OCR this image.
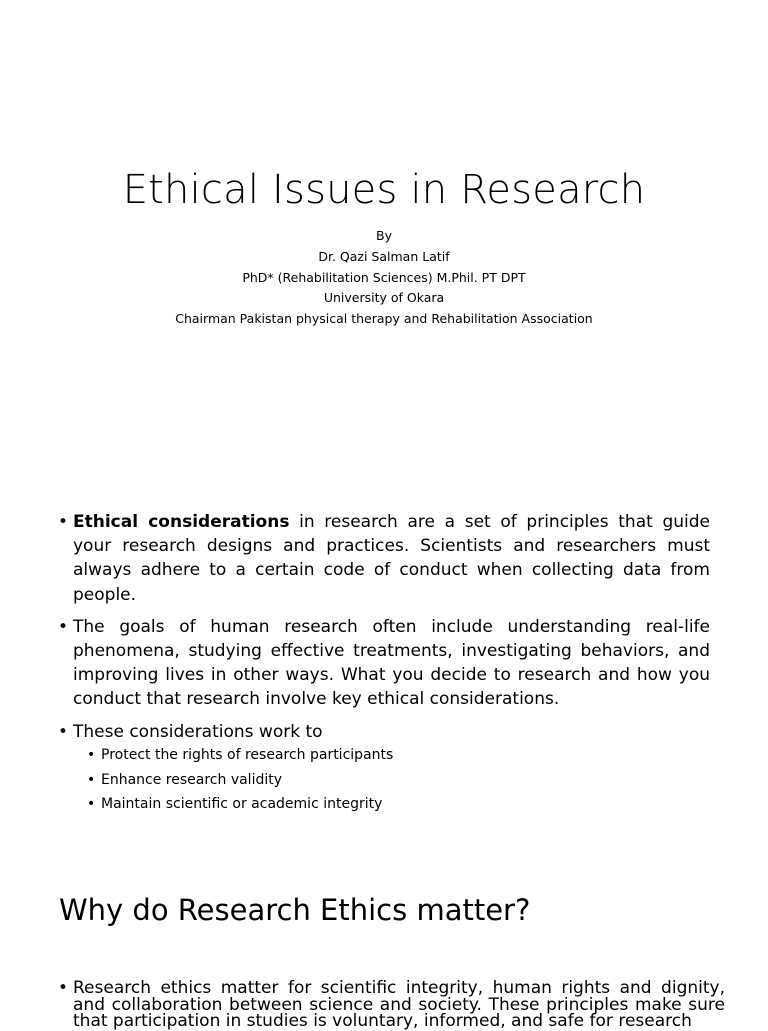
Ethical Issues in Research
By
Dr. Qazi Salman Latif
PhD* (Rehabilitation Sciences) M.Phil. PT DPT
University of Okara
Chairman Pakistan physical therapy and Rehabilitation Association
• Ethical considerations in research are a set of principles that guide your research designs and practices. Scientists and researchers must always adhere to a certain code of conduct when collecting data from people.
• The goals of human research often include understanding real-life phenomena, studying effective treatments, investigating behaviors, and improving lives in other ways. What you decide to research and how you conduct that research involve key ethical considerations.
• These considerations work to
• Protect the rights of research participants
• Enhance research validity
• Maintain scientific or academic integrity
Why do Research Ethics matter?
• Research ethics matter for scientific integrity, human rights and dignity, and collaboration between science and society. These principles make sure that participation in studies is voluntary, informed, and safe for research
